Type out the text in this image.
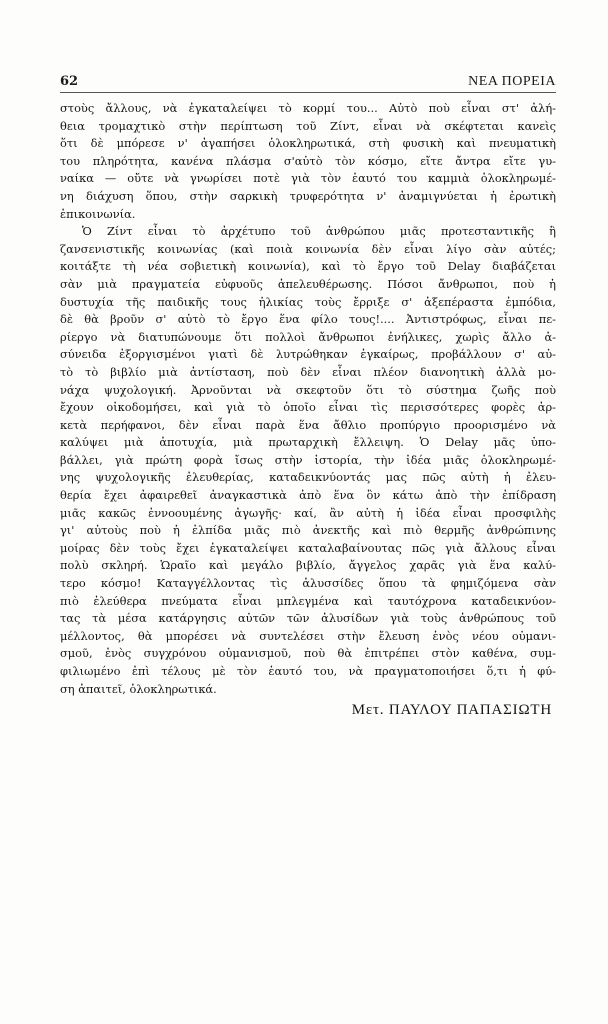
62	ΝΕΑ ΠΟΡΕΙΑ
στοὺς ἄλλους, νὰ ἐγκαταλείψει τὸ κορμί του... Αὐτὸ ποὺ εἶναι στ' ἀλή-
θεια τρομαχτικὸ στὴν περίπτωση τοῦ Ζίντ, εἶναι νὰ σκέφτεται κανεὶς
ὅτι δὲ μπόρεσε ν' ἀγαπήσει ὁλοκληρωτικά, στὴ φυσικὴ καὶ πνευματικὴ
του πληρότητα, κανένα πλάσμα σ'αὐτὸ τὸν κόσμο, εἴτε ἄντρα εἴτε γυ-
ναίκα — οὔτε νὰ γνωρίσει ποτὲ γιὰ τὸν ἑαυτό του καμμιὰ ὁλοκληρωμέ-
νη διάχυση ὅπου, στὴν σαρκικὴ τρυφερότητα ν' ἀναμιγνύεται ἡ ἐρωτικὴ
ἐπικοινωνία.
Ὁ Ζίντ εἶναι τὸ ἀρχέτυπο τοῦ ἀνθρώπου μιᾶς προτεσταντικῆς ἢ
ζανσενιστικῆς κοινωνίας (καὶ ποιὰ κοινωνία δὲν εἶναι λίγο σὰν αὐτές;
κοιτάξτε τὴ νέα σοβιετικὴ κοινωνία), καὶ τὸ ἔργο τοῦ Delay διαβάζεται
σὰν μιὰ πραγματεία εὐφυοῦς ἀπελευθέρωσης. Πόσοι ἄνθρωποι, ποὺ ἡ
δυστυχία τῆς παιδικῆς τους ἡλικίας τοὺς ἔρριξε σ' ἀξεπέραστα ἐμπόδια,
δὲ θὰ βροῦν σ' αὐτὸ τὸ ἔργο ἕνα φίλο τους!.... Ἀντιστρόφως, εἶναι πε-
ρίεργο νὰ διατυπώνουμε ὅτι πολλοὶ ἄνθρωποι ἐνήλικες, χωρὶς ἄλλο ἀ-
σύνειδα ἐξοργισμένοι γιατὶ δὲ λυτρώθηκαν ἐγκαίρως, προβάλλουν σ' αὐ-
τὸ τὸ βιβλίο μιὰ ἀντίσταση, ποὺ δὲν εἶναι πλέον διανοητικὴ ἀλλὰ μο-
νάχα ψυχολογική. Ἀρνοῦνται νὰ σκεφτοῦν ὅτι τὸ σύστημα ζωῆς ποὺ
ἔχουν οἰκοδομήσει, καὶ γιὰ τὸ ὁποῖο εἶναι τὶς περισσότερες φορὲς ἀρ-
κετὰ περήφανοι, δὲν εἶναι παρὰ ἕνα ἄθλιο προπύργιο προορισμένο νὰ
καλύψει μιὰ ἀποτυχία, μιὰ πρωταρχικὴ ἔλλειψη. Ὁ Delay μᾶς ὑπο-
βάλλει, γιὰ πρώτη φορὰ ἴσως στὴν ἱστορία, τὴν ἰδέα μιᾶς ὁλοκληρωμέ-
νης ψυχολογικῆς ἐλευθερίας, καταδεικνύοντάς μας πῶς αὐτὴ ἡ ἐλευ-
θερία ἔχει ἀφαιρεθεῖ ἀναγκαστικὰ ἀπὸ ἕνα ὂν κάτω ἀπὸ τὴν ἐπίδραση
μιᾶς κακῶς ἐννοουμένης ἀγωγῆς· καί, ἂν αὐτὴ ἡ ἰδέα εἶναι προσφιλὴς
γι' αὐτοὺς ποὺ ἡ ἐλπίδα μιᾶς πιὸ ἀνεκτῆς καὶ πιὸ θερμῆς ἀνθρώπινης
μοίρας δὲν τοὺς ἔχει ἐγκαταλείψει καταλαβαίνουτας πῶς γιὰ ἄλλους εἶναι
πολὺ σκληρή. Ὡραῖο καὶ μεγάλο βιβλίο, ἄγγελος χαρᾶς γιὰ ἕνα καλύ-
τερο κόσμο! Καταγγέλλοντας τὶς ἁλυσσίδες ὅπου τὰ φημιζόμενα σὰν
πιὸ ἐλεύθερα πνεύματα εἶναι μπλεγμένα καὶ ταυτόχρονα καταδεικνύον-
τας τὰ μέσα κατάργησις αὐτῶν τῶν ἁλυσίδων γιὰ τοὺς ἀνθρώπους τοῦ
μέλλοντος, θὰ μπορέσει νὰ συντελέσει στὴν ἔλευση ἑνὸς νέου οὐμανι-
σμοῦ, ἑνὸς συγχρόνου οὐμανισμοῦ, ποὺ θὰ ἐπιτρέπει στὸν καθένα, συμ-
φιλιωμένο ἐπὶ τέλους μὲ τὸν ἑαυτό του, νὰ πραγματοποιήσει ὅ,τι ἡ φύ-
ση ἀπαιτεῖ, ὁλοκληρωτικά.
Μετ. ΠΑΥΛΟΥ ΠΑΠΑΣΙΩΤΗ
